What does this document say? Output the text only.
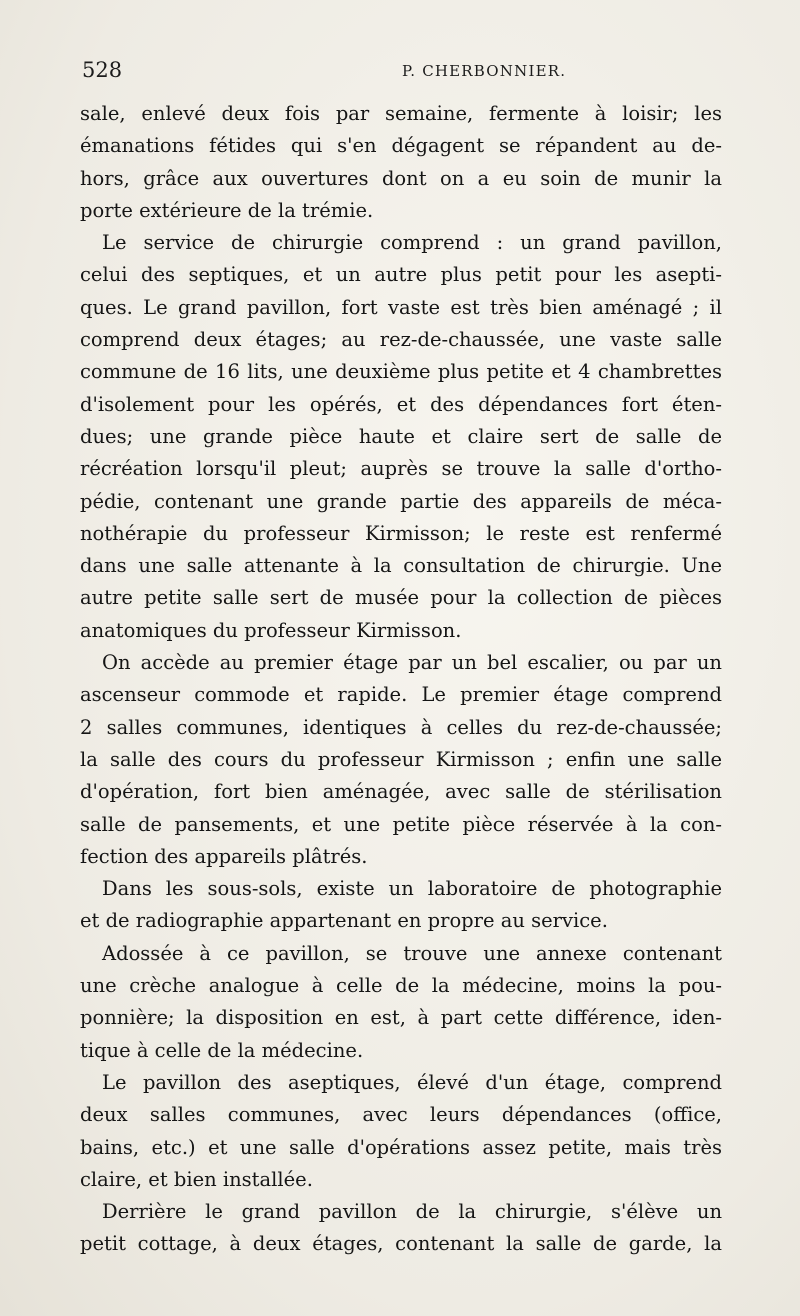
528	P. CHERBONNIER.
sale, enlevé deux fois par semaine, fermente à loisir; les
émanations fétides qui s'en dégagent se répandent au de-
hors, grâce aux ouvertures dont on a eu soin de munir la
porte extérieure de la trémie.
Le service de chirurgie comprend : un grand pavillon,
celui des septiques, et un autre plus petit pour les asepti-
ques. Le grand pavillon, fort vaste est très bien aménagé ; il
comprend deux étages; au rez-de-chaussée, une vaste salle
commune de 16 lits, une deuxième plus petite et 4 chambrettes
d'isolement pour les opérés, et des dépendances fort éten-
dues; une grande pièce haute et claire sert de salle de
récréation lorsqu'il pleut; auprès se trouve la salle d'ortho-
pédie, contenant une grande partie des appareils de méca-
nothérapie du professeur Kirmisson; le reste est renfermé
dans une salle attenante à la consultation de chirurgie. Une
autre petite salle sert de musée pour la collection de pièces
anatomiques du professeur Kirmisson.
On accède au premier étage par un bel escalier, ou par un
ascenseur commode et rapide. Le premier étage comprend
2 salles communes, identiques à celles du rez-de-chaussée;
la salle des cours du professeur Kirmisson ; enfin une salle
d'opération, fort bien aménagée, avec salle de stérilisation
salle de pansements, et une petite pièce réservée à la con-
fection des appareils plâtrés.
Dans les sous-sols, existe un laboratoire de photographie
et de radiographie appartenant en propre au service.
Adossée à ce pavillon, se trouve une annexe contenant
une crèche analogue à celle de la médecine, moins la pou-
ponnière; la disposition en est, à part cette différence, iden-
tique à celle de la médecine.
Le pavillon des aseptiques, élevé d'un étage, comprend
deux salles communes, avec leurs dépendances (office,
bains, etc.) et une salle d'opérations assez petite, mais très
claire, et bien installée.
Derrière le grand pavillon de la chirurgie, s'élève un
petit cottage, à deux étages, contenant la salle de garde, la
